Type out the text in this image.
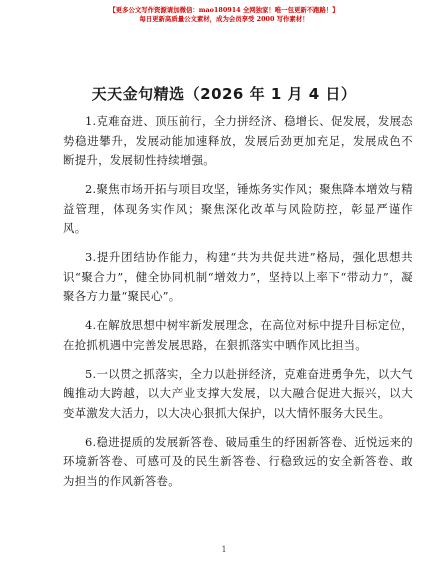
【更多公文写作资源请加微信：mao180914 全网独家！唯一包更新不跑路！】
每日更新高质量公文素材，成为会员享受 2000 写作素材！
天天金句精选（2026 年 1 月 4 日）

1.克难奋进、顶压前行，全力拼经济、稳增长、促发展，发展态势稳进攀升，发展动能加速释放，发展后劲更加充足，发展成色不断提升，发展韧性持续增强。

2.聚焦市场开拓与项目攻坚，锤炼务实作风；聚焦降本增效与精益管理，体现务实作风；聚焦深化改革与风险防控，彰显严谨作风。

3.提升团结协作能力，构建“共为共促共进”格局，强化思想共识“聚合力”，健全协同机制“增效力”，坚持以上率下“带动力”，凝聚各方力量“聚民心”。

4.在解放思想中树牢新发展理念，在高位对标中提升目标定位，在抢抓机遇中完善发展思路，在狠抓落实中晒作风比担当。

5.一以贯之抓落实，全力以赴拼经济，克难奋进勇争先，以大气魄推动大跨越，以大产业支撑大发展，以大融合促进大振兴，以大变革激发大活力，以大决心狠抓大保护，以大情怀服务大民生。

6.稳进提质的发展新答卷、破局重生的纾困新答卷、近悦远来的环境新答卷、可感可及的民生新答卷、行稳致远的安全新答卷、敢为担当的作风新答卷。

1
